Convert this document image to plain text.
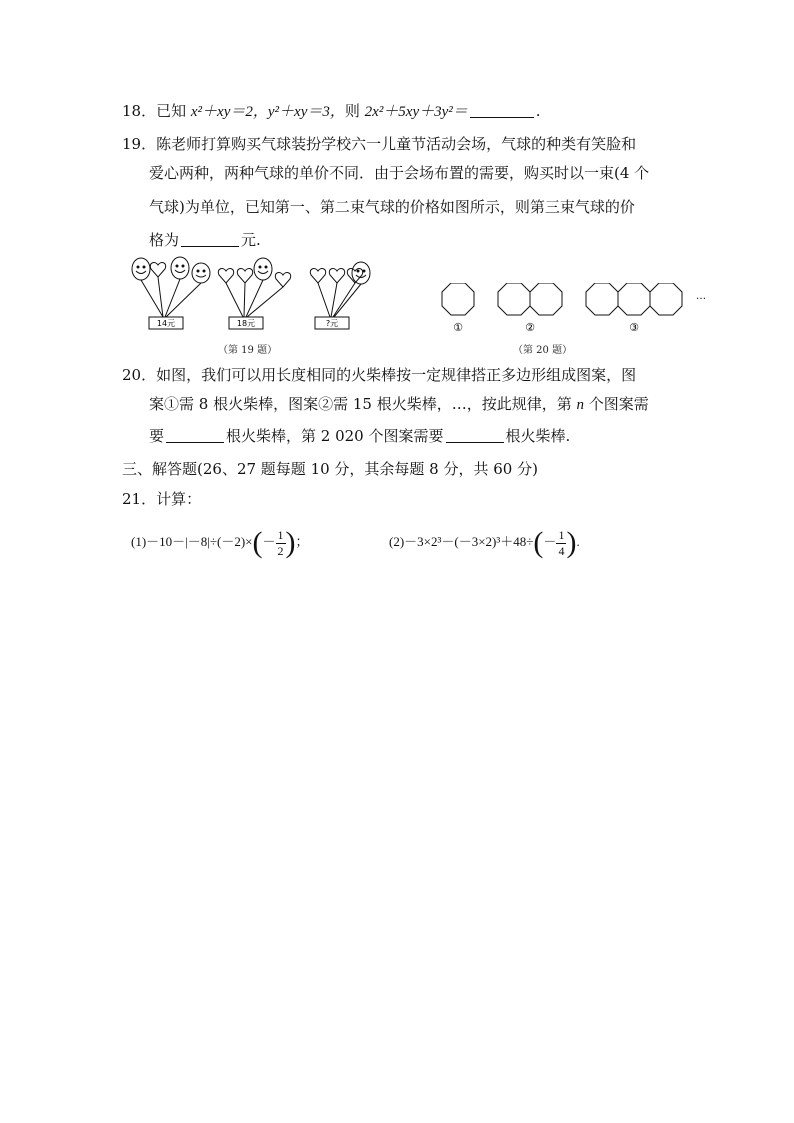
18．已知 x²＋xy＝2，y²＋xy＝3，则 2x²＋5xy＋3y²＝	.
19．陈老师打算购买气球装扮学校六一儿童节活动会场，气球的种类有笑脸和
爱心两种，两种气球的单价不同．由于会场布置的需要，购买时以一束(4 个
气球)为单位，已知第一、第二束气球的价格如图所示，则第三束气球的价
格为	元.
14元	18元	?元
（第 19 题）
①	②	③
…
（第 20 题）
20．如图，我们可以用长度相同的火柴棒按一定规律搭正多边形组成图案，图
案①需 8 根火柴棒，图案②需 15 根火柴棒，…，按此规律，第 n 个图案需
要	根火柴棒，第 2 020 个图案需要	根火柴棒.
三、解答题(26、27 题每题 10 分，其余每题 8 分，共 60 分)
21．计算：
$(1)-10-|-8|\div(-2)\times(- \frac{1}{2}$ )；	$(2)-3\times 2^3-(-3\times 2)^3+48\div(- \frac{1}{4}$ ).
